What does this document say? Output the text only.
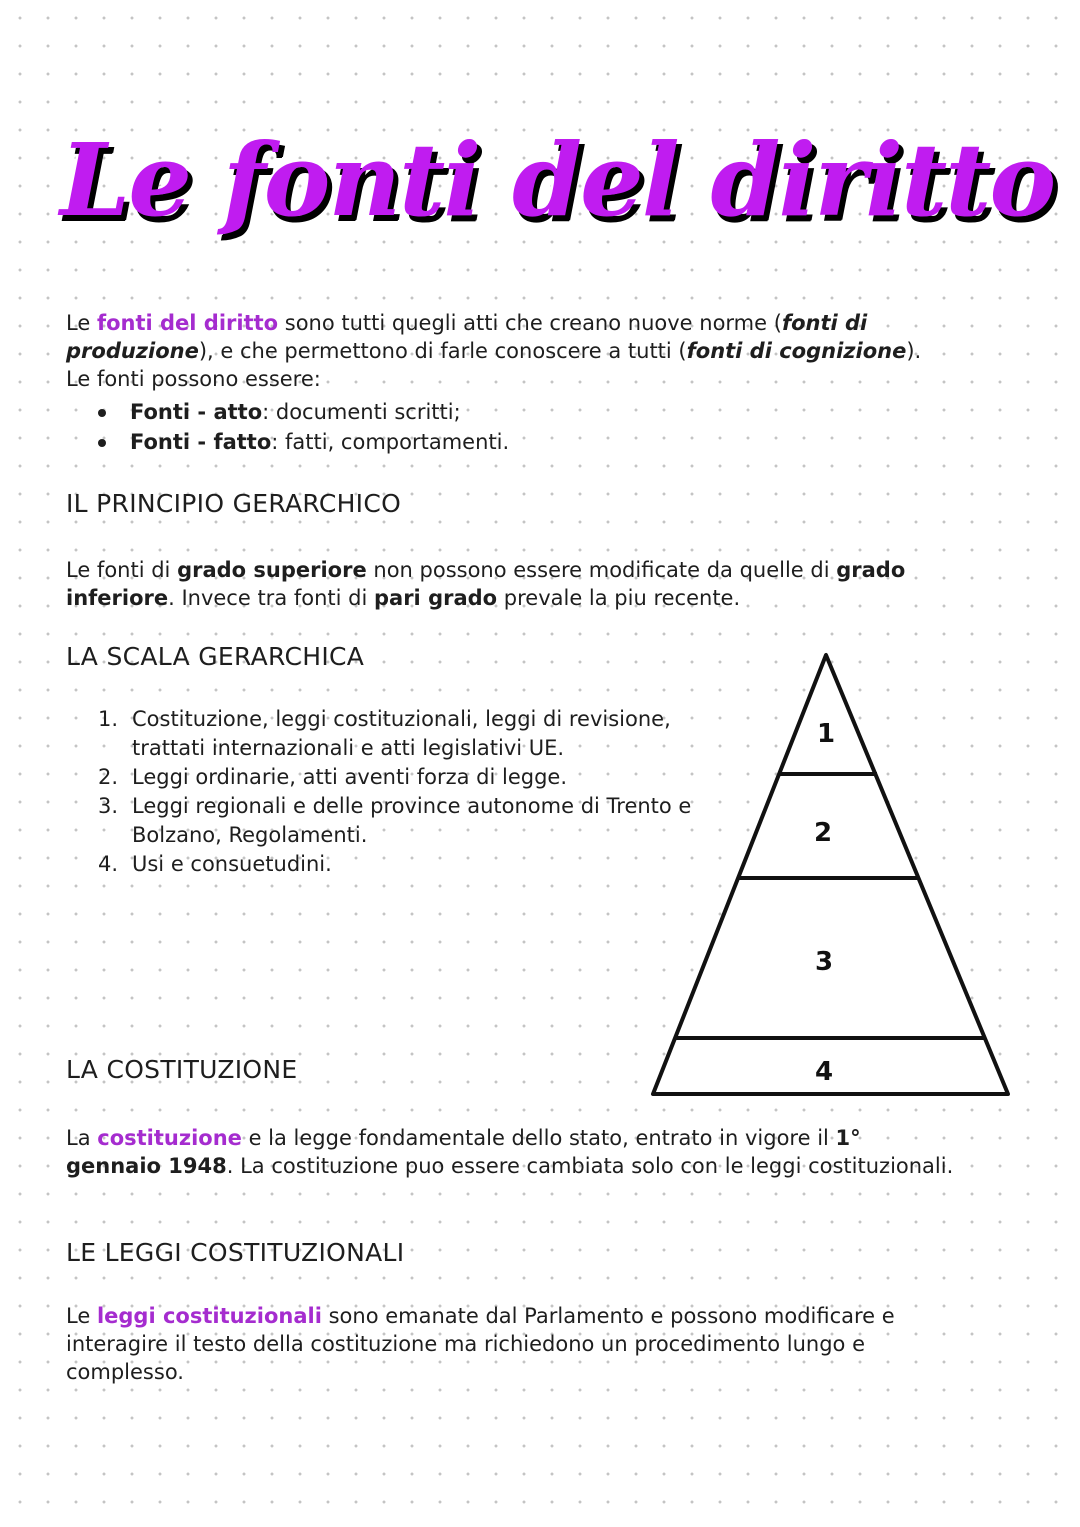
Le fonti del diritto
Le fonti del diritto sono tutti quegli atti che creano nuove norme (fonti di
produzione), e che permettono di farle conoscere a tutti (fonti di cognizione).
Le fonti possono essere:
Fonti - atto: documenti scritti;
Fonti - fatto: fatti, comportamenti.
IL PRINCIPIO GERARCHICO
Le fonti di grado superiore non possono essere modificate da quelle di grado
inferiore. Invece tra fonti di pari grado prevale la piu recente.
LA SCALA GERARCHICA
1. Costituzione, leggi costituzionali, leggi di revisione, trattati internazionali e atti legislativi UE.
2. Leggi ordinarie, atti aventi forza di legge.
3. Leggi regionali e delle province autonome di Trento e Bolzano, Regolamenti.
4. Usi e consuetudini.
1
2
3
4
LA COSTITUZIONE
La costituzione e la legge fondamentale dello stato, entrato in vigore il 1°
gennaio 1948. La costituzione puo essere cambiata solo con le leggi costituzionali.
LE LEGGI COSTITUZIONALI
Le leggi costituzionali sono emanate dal Parlamento e possono modificare e
interagire il testo della costituzione ma richiedono un procedimento lungo e
complesso.
